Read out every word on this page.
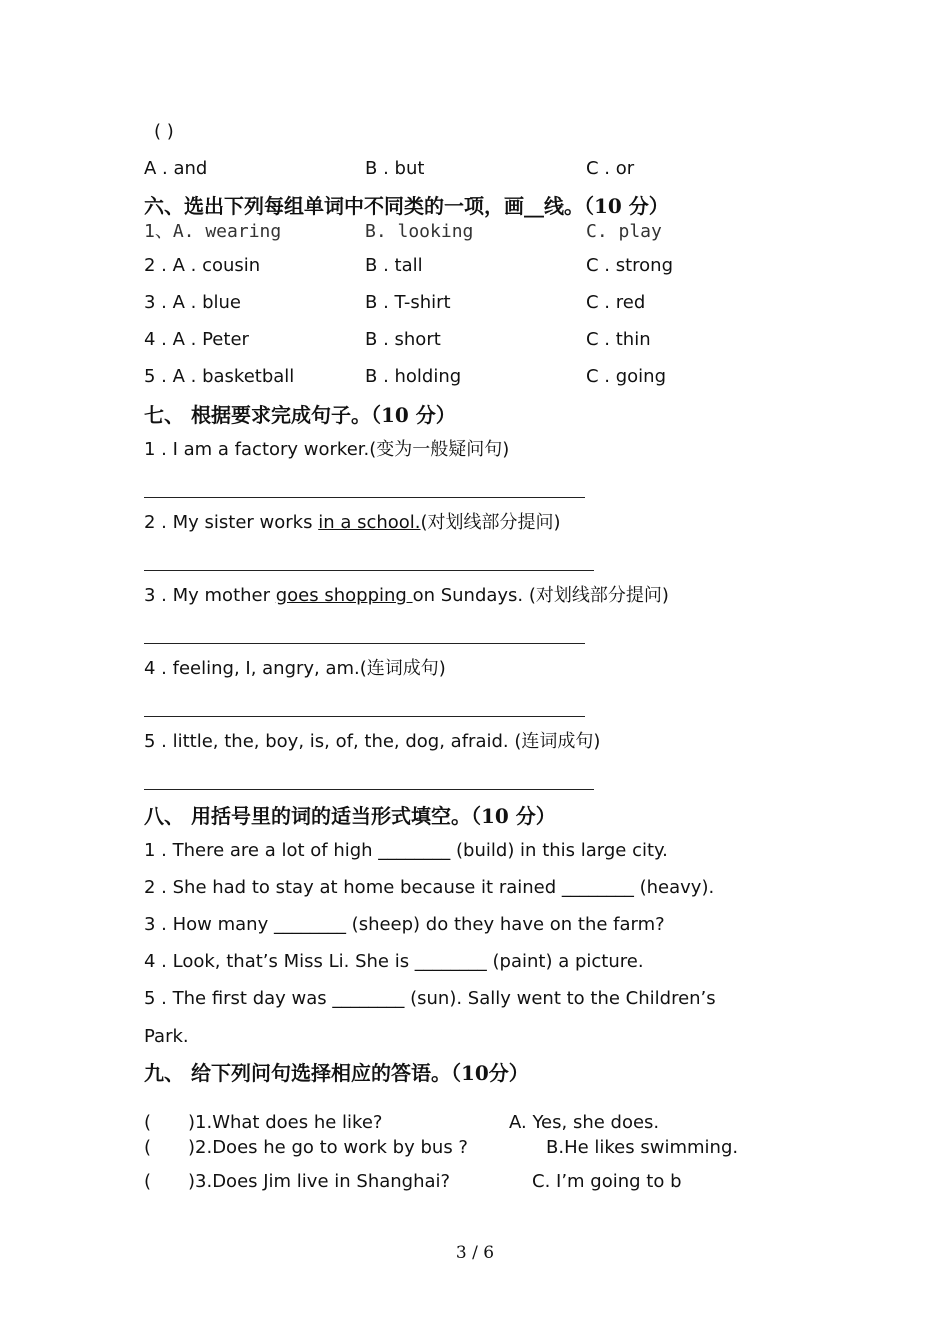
( )
A . and	B . but	C . or
六、选出下列每组单词中不同类的一项，画__线。（10 分）
1、A. wearing	B. looking	C. play
2 . A . cousin	B . tall	C . strong
3 . A . blue	B . T-shirt	C . red
4 . A . Peter	B . short	C . thin
5 . A . basketball	B . holding	C . going
七、 根据要求完成句子。（10 分）
1 . I am a factory worker.(变为一般疑问句)
2 . My sister works in a school.(对划线部分提问)
3 . My mother goes shopping on Sundays. (对划线部分提问)
4 . feeling, I, angry, am.(连词成句)
5 . little, the, boy, is, of, the, dog, afraid. (连词成句)
八、 用括号里的词的适当形式填空。（10 分）
1 . There are a lot of high ________ (build) in this large city.
2 . She had to stay at home because it rained ________ (heavy).
3 . How many ________ (sheep) do they have on the farm?
4 . Look, that’s Miss Li. She is ________ (paint) a picture.
5 . The first day was ________ (sun). Sally went to the Children’s
Park.
九、 给下列问句选择相应的答语。（10分）
( )1.What does he like?	A. Yes, she does.
( )2.Does he go to work by bus ?	B.He likes swimming.
( )3.Does Jim live in Shanghai?	C. I’m going to b
3 / 6
